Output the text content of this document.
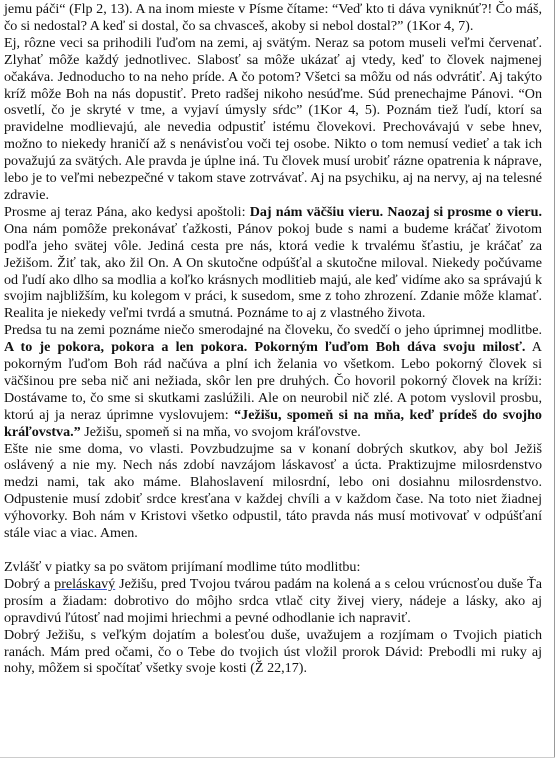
jemu páči“ (Flp 2, 13). A na inom mieste v Písme čítame: “Veď kto ti dáva vyniknúť?! Čo máš, čo si nedostal? A keď si dostal, čo sa chvasceš, akoby si nebol dostal?” (1Kor 4, 7).

Ej, rôzne veci sa prihodili ľuďom na zemi, aj svätým. Neraz sa potom museli veľmi červenať. Zlyhať môže každý jednotlivec. Slabosť sa môže ukázať aj vtedy, keď to človek najmenej očakáva. Jednoducho to na neho príde. A čo potom? Všetci sa môžu od nás odvrátiť. Aj takýto kríž môže Boh na nás dopustiť. Preto radšej nikoho nesúďme. Súd prenechajme Pánovi. “On osvetlí, čo je skryté v tme, a vyjaví úmysly sŕdc” (1Kor 4, 5). Poznám tiež ľudí, ktorí sa pravidelne modlievajú, ale nevedia odpustiť istému človekovi. Prechovávajú v sebe hnev, možno to niekedy hraničí až s nenávisťou voči tej osobe. Nikto o tom nemusí vedieť a tak ich považujú za svätých. Ale pravda je úplne iná. Tu človek musí urobiť rázne opatrenia k náprave, lebo je to veľmi nebezpečné v takom stave zotrvávať. Aj na psychiku, aj na nervy, aj na telesné zdravie.

Prosme aj teraz Pána, ako kedysi apoštoli: Daj nám väčšiu vieru. Naozaj si prosme o vieru. Ona nám pomôže prekonávať ťažkosti, Pánov pokoj bude s nami a budeme kráčať životom podľa jeho svätej vôle. Jediná cesta pre nás, ktorá vedie k trvalému šťastiu, je kráčať za Ježišom. Žiť tak, ako žil On. A On skutočne odpúšťal a skutočne miloval. Niekedy počúvame od ľudí ako dlho sa modlia a koľko krásnych modlitieb majú, ale keď vidíme ako sa správajú k svojim najbližším, ku kolegom v práci, k susedom, sme z toho zhrození. Zdanie môže klamať. Realita je niekedy veľmi tvrdá a smutná. Poznáme to aj z vlastného života.

Predsa tu na zemi poznáme niečo smerodajné na človeku, čo svedčí o jeho úprimnej modlitbe. A to je pokora, pokora a len pokora. Pokorným ľuďom Boh dáva svoju milosť. A pokorným ľuďom Boh rád načúva a plní ich želania vo všetkom. Lebo pokorný človek si väčšinou pre seba nič ani nežiada, skôr len pre druhých. Čo hovoril pokorný človek na kríži: Dostávame to, čo sme si skutkami zaslúžili. Ale on neurobil nič zlé. A potom vyslovil prosbu, ktorú aj ja neraz úprimne vyslovujem: “Ježišu, spomeň si na mňa, keď prídeš do svojho kráľovstva.” Ježišu, spomeň si na mňa, vo svojom kráľovstve.

Ešte nie sme doma, vo vlasti. Povzbudzujme sa v konaní dobrých skutkov, aby bol Ježiš oslávený a nie my. Nech nás zdobí navzájom láskavosť a úcta. Praktizujme milosrdenstvo medzi nami, tak ako máme. Blahoslavení milosrdní, lebo oni dosiahnu milosrdenstvo. Odpustenie musí zdobiť srdce kresťana v každej chvíli a v každom čase. Na toto niet žiadnej výhovorky. Boh nám v Kristovi všetko odpustil, táto pravda nás musí motivovať v odpúšťaní stále viac a viac. Amen.

Zvlášť v piatky sa po svätom prijímaní modlime túto modlitbu:

Dobrý a preláskavý Ježišu, pred Tvojou tvárou padám na kolená a s celou vrúcnosťou duše Ťa prosím a žiadam: dobrotivo do môjho srdca vtlač city živej viery, nádeje a lásky, ako aj opravdivú ľútosť nad mojimi hriechmi a pevné odhodlanie ich napraviť.

Dobrý Ježišu, s veľkým dojatím a bolesťou duše, uvažujem a rozjímam o Tvojich piatich ranách. Mám pred očami, čo o Tebe do tvojich úst vložil prorok Dávid: Prebodli mi ruky aj nohy, môžem si spočítať všetky svoje kosti (Ž 22,17).
